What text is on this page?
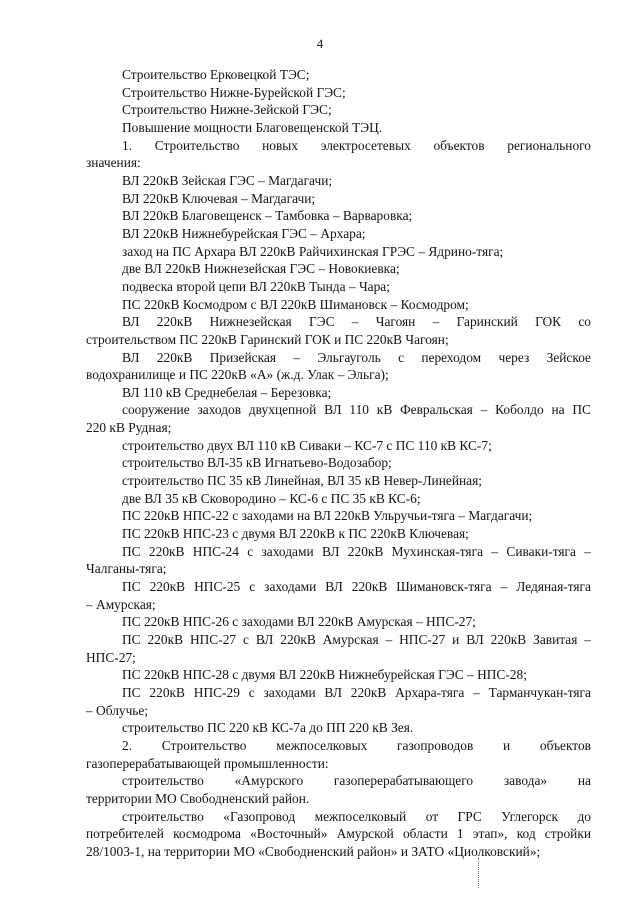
4

Строительство Ерковецкой ТЭС;

Строительство Нижне-Бурейской ГЭС;

Строительство Нижне-Зейской ГЭС;

Повышение мощности Благовещенской ТЭЦ.

1. Строительство новых электросетевых объектов регионального

значения:

ВЛ 220кВ Зейская ГЭС – Магдагачи;

ВЛ 220кВ Ключевая – Магдагачи;

ВЛ 220кВ Благовещенск – Тамбовка – Варваровка;

ВЛ 220кВ Нижнебурейская ГЭС – Архара;

заход на ПС Архара ВЛ 220кВ Райчихинская ГРЭС – Ядрино-тяга;

две ВЛ 220кВ Нижнезейская ГЭС – Новокиевка;

подвеска второй цепи ВЛ 220кВ Тында – Чара;

ПС 220кВ Космодром с ВЛ 220кВ Шимановск – Космодром;

ВЛ 220кВ Нижнезейская ГЭС – Чагоян – Гаринский ГОК со

строительством ПС 220кВ Гаринский ГОК и ПС 220кВ Чагоян;

ВЛ 220кВ Призейская – Эльгауголь с переходом через Зейское

водохранилище и ПС 220кВ «А» (ж.д. Улак – Эльга);

ВЛ 110 кВ Среднебелая – Березовка;

сооружение заходов двухцепной ВЛ 110 кВ Февральская – Коболдо на ПС

220 кВ Рудная;

строительство двух ВЛ 110 кВ Сиваки – КС-7 с ПС 110 кВ КС-7;

строительство ВЛ-35 кВ Игнатьево-Водозабор;

строительство ПС 35 кВ Линейная, ВЛ 35 кВ Невер-Линейная;

две ВЛ 35 кВ Сковородино – КС-6 с ПС 35 кВ КС-6;

ПС 220кВ НПС-22 с заходами на ВЛ 220кВ Ульручьи-тяга – Магдагачи;

ПС 220кВ НПС-23 с двумя ВЛ 220кВ к ПС 220кВ Ключевая;

ПС 220кВ НПС-24 с заходами ВЛ 220кВ Мухинская-тяга – Сиваки-тяга –

Чалганы-тяга;

ПС 220кВ НПС-25 с заходами ВЛ 220кВ Шимановск-тяга – Ледяная-тяга

– Амурская;

ПС 220кВ НПС-26 с заходами ВЛ 220кВ Амурская – НПС-27;

ПС 220кВ НПС-27 с ВЛ 220кВ Амурская – НПС-27 и ВЛ 220кВ Завитая –

НПС-27;

ПС 220кВ НПС-28 с двумя ВЛ 220кВ Нижнебурейская ГЭС – НПС-28;

ПС 220кВ НПС-29 с заходами ВЛ 220кВ Архара-тяга – Тарманчукан-тяга

– Облучье;

строительство ПС 220 кВ КС-7а до ПП 220 кВ Зея.

2. Строительство межпоселковых газопроводов и объектов

газоперерабатывающей промышленности:

строительство «Амурского газоперерабатывающего завода» на

территории МО Свободненский район.

строительство «Газопровод межпоселковый от ГРС Углегорск до

потребителей космодрома «Восточный» Амурской области 1 этап», код стройки

28/1003-1, на территории МО «Свободненский район» и ЗАТО «Циолковский»;
